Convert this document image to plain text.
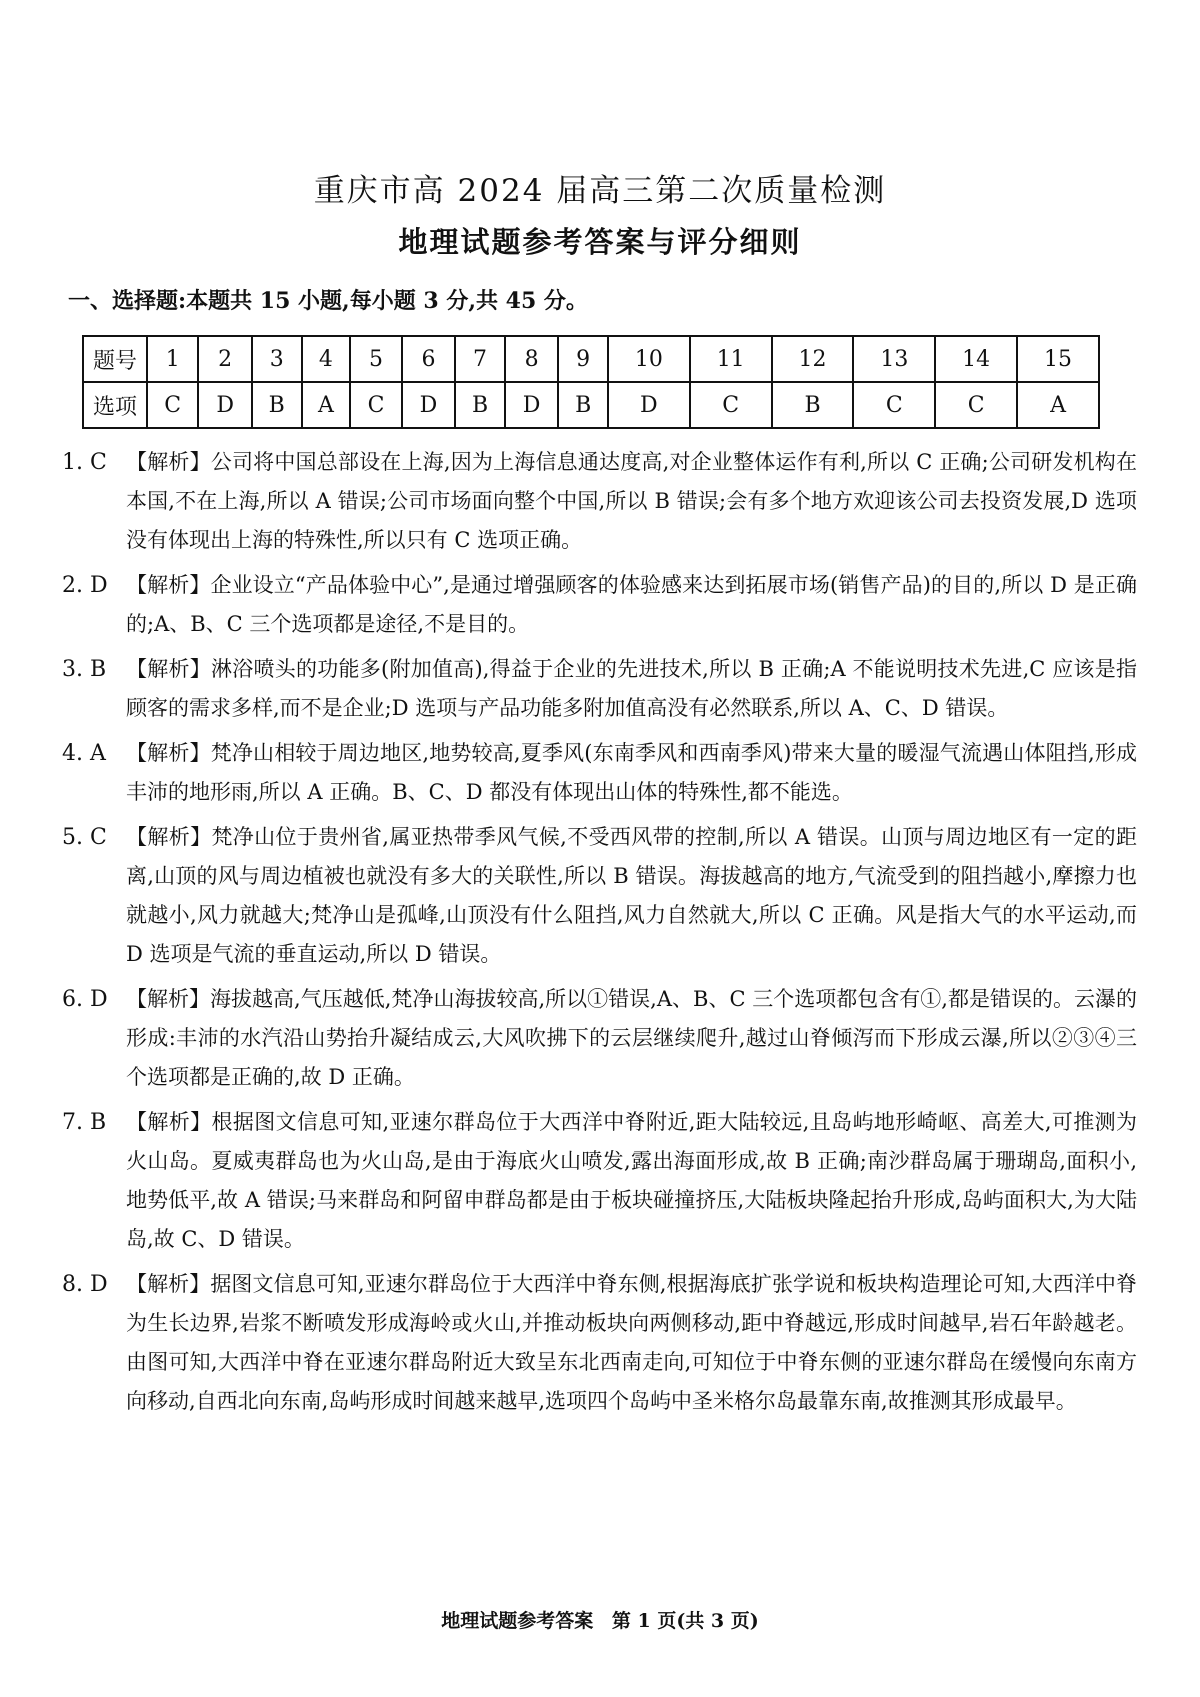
重庆市高 2024 届高三第二次质量检测
地理试题参考答案与评分细则
一、选择题:本题共 15 小题,每小题 3 分,共 45 分。
题号	1	2	3	4	5	6	7	8	9	10	11	12	13	14	15
选项	C	D	B	A	C	D	B	D	B	D	C	B	C	C	A
1. C 【解析】公司将中国总部设在上海,因为上海信息通达度高,对企业整体运作有利,所以 C 正确;公司研发机构在本国,不在上海,所以 A 错误;公司市场面向整个中国,所以 B 错误;会有多个地方欢迎该公司去投资发展,D 选项没有体现出上海的特殊性,所以只有 C 选项正确。
2. D 【解析】企业设立“产品体验中心”,是通过增强顾客的体验感来达到拓展市场(销售产品)的目的,所以 D 是正确的;A、B、C 三个选项都是途径,不是目的。
3. B 【解析】淋浴喷头的功能多(附加值高),得益于企业的先进技术,所以 B 正确;A 不能说明技术先进,C 应该是指顾客的需求多样,而不是企业;D 选项与产品功能多附加值高没有必然联系,所以 A、C、D 错误。
4. A 【解析】梵净山相较于周边地区,地势较高,夏季风(东南季风和西南季风)带来大量的暖湿气流遇山体阻挡,形成丰沛的地形雨,所以 A 正确。B、C、D 都没有体现出山体的特殊性,都不能选。
5. C 【解析】梵净山位于贵州省,属亚热带季风气候,不受西风带的控制,所以 A 错误。山顶与周边地区有一定的距离,山顶的风与周边植被也就没有多大的关联性,所以 B 错误。海拔越高的地方,气流受到的阻挡越小,摩擦力也就越小,风力就越大;梵净山是孤峰,山顶没有什么阻挡,风力自然就大,所以 C 正确。风是指大气的水平运动,而 D 选项是气流的垂直运动,所以 D 错误。
6. D 【解析】海拔越高,气压越低,梵净山海拔较高,所以①错误,A、B、C 三个选项都包含有①,都是错误的。云瀑的形成:丰沛的水汽沿山势抬升凝结成云,大风吹拂下的云层继续爬升,越过山脊倾泻而下形成云瀑,所以②③④三个选项都是正确的,故 D 正确。
7. B 【解析】根据图文信息可知,亚速尔群岛位于大西洋中脊附近,距大陆较远,且岛屿地形崎岖、高差大,可推测为火山岛。夏威夷群岛也为火山岛,是由于海底火山喷发,露出海面形成,故 B 正确;南沙群岛属于珊瑚岛,面积小,地势低平,故 A 错误;马来群岛和阿留申群岛都是由于板块碰撞挤压,大陆板块隆起抬升形成,岛屿面积大,为大陆岛,故 C、D 错误。
8. D 【解析】据图文信息可知,亚速尔群岛位于大西洋中脊东侧,根据海底扩张学说和板块构造理论可知,大西洋中脊为生长边界,岩浆不断喷发形成海岭或火山,并推动板块向两侧移动,距中脊越远,形成时间越早,岩石年龄越老。由图可知,大西洋中脊在亚速尔群岛附近大致呈东北西南走向,可知位于中脊东侧的亚速尔群岛在缓慢向东南方向移动,自西北向东南,岛屿形成时间越来越早,选项四个岛屿中圣米格尔岛最靠东南,故推测其形成最早。
地理试题参考答案 第 1 页(共 3 页)
